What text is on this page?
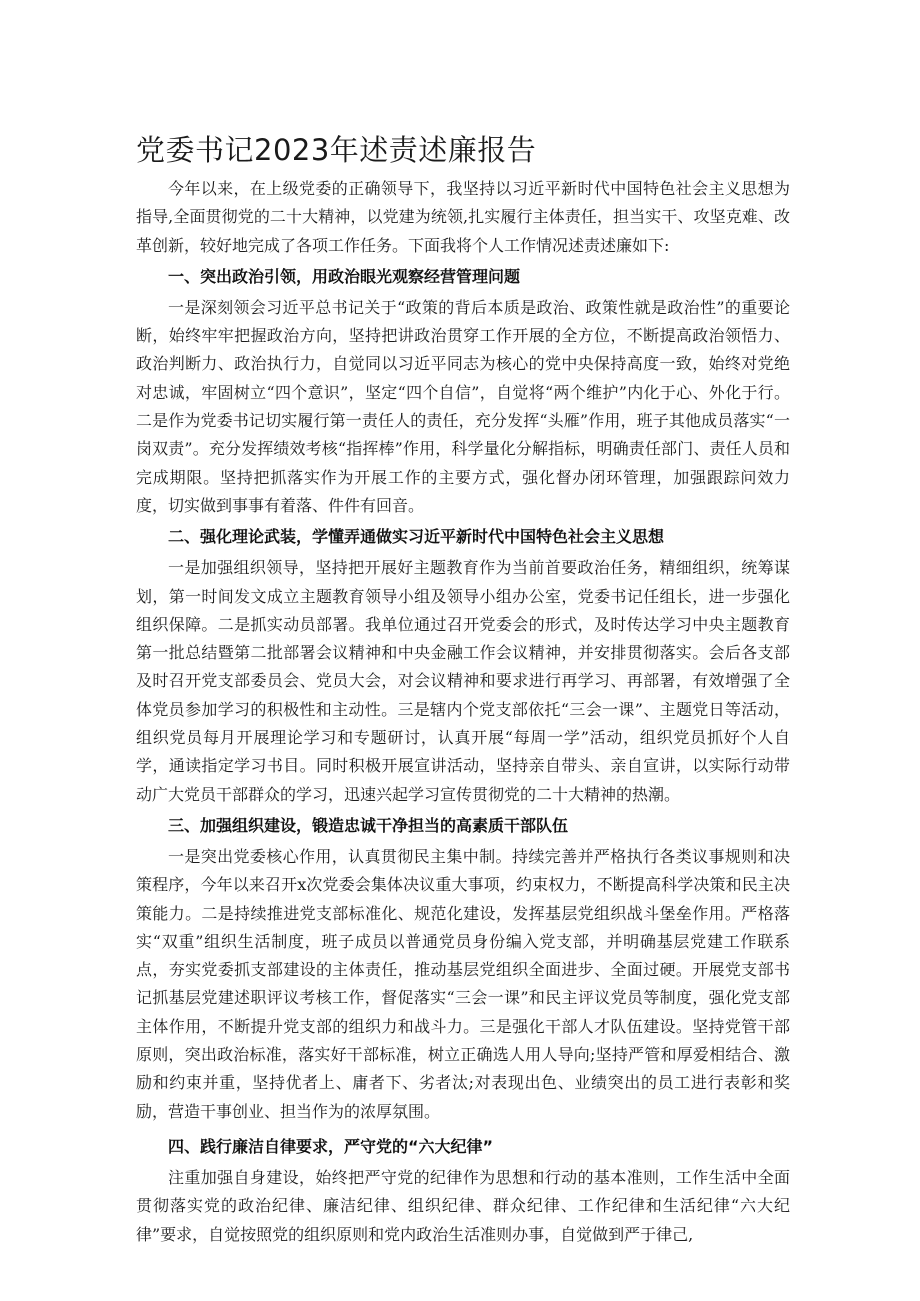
党委书记2023年述责述廉报告

今年以来，在上级党委的正确领导下，我坚持以习近平新时代中国特色社会主义思想为指导,全面贯彻党的二十大精神，以党建为统领,扎实履行主体责任，担当实干、攻坚克难、改革创新，较好地完成了各项工作任务。下面我将个人工作情况述责述廉如下:

一、突出政治引领，用政治眼光观察经营管理问题

一是深刻领会习近平总书记关于“政策的背后本质是政治、政策性就是政治性”的重要论断，始终牢牢把握政治方向，坚持把讲政治贯穿工作开展的全方位，不断提高政治领悟力、政治判断力、政治执行力，自觉同以习近平同志为核心的党中央保持高度一致，始终对党绝对忠诚，牢固树立“四个意识”，坚定“四个自信”，自觉将“两个维护”内化于心、外化于行。二是作为党委书记切实履行第一责任人的责任，充分发挥“头雁”作用，班子其他成员落实“一岗双责”。充分发挥绩效考核“指挥棒”作用，科学量化分解指标，明确责任部门、责任人员和完成期限。坚持把抓落实作为开展工作的主要方式，强化督办闭环管理，加强跟踪问效力度，切实做到事事有着落、件件有回音。

二、强化理论武装，学懂弄通做实习近平新时代中国特色社会主义思想

一是加强组织领导，坚持把开展好主题教育作为当前首要政治任务，精细组织，统筹谋划，第一时间发文成立主题教育领导小组及领导小组办公室，党委书记任组长，进一步强化组织保障。二是抓实动员部署。我单位通过召开党委会的形式，及时传达学习中央主题教育第一批总结暨第二批部署会议精神和中央金融工作会议精神，并安排贯彻落实。会后各支部及时召开党支部委员会、党员大会，对会议精神和要求进行再学习、再部署，有效增强了全体党员参加学习的积极性和主动性。三是辖内个党支部依托“三会一课”、主题党日等活动，组织党员每月开展理论学习和专题研讨，认真开展“每周一学”活动，组织党员抓好个人自学，通读指定学习书目。同时积极开展宣讲活动，坚持亲自带头、亲自宣讲，以实际行动带动广大党员干部群众的学习，迅速兴起学习宣传贯彻党的二十大精神的热潮。

三、加强组织建设，锻造忠诚干净担当的高素质干部队伍

一是突出党委核心作用，认真贯彻民主集中制。持续完善并严格执行各类议事规则和决策程序，今年以来召开x次党委会集体决议重大事项，约束权力，不断提高科学决策和民主决策能力。二是持续推进党支部标准化、规范化建设，发挥基层党组织战斗堡垒作用。严格落实“双重”组织生活制度，班子成员以普通党员身份编入党支部，并明确基层党建工作联系点，夯实党委抓支部建设的主体责任，推动基层党组织全面进步、全面过硬。开展党支部书记抓基层党建述职评议考核工作，督促落实“三会一课”和民主评议党员等制度，强化党支部主体作用，不断提升党支部的组织力和战斗力。三是强化干部人才队伍建设。坚持党管干部原则，突出政治标准，落实好干部标准，树立正确选人用人导向;坚持严管和厚爱相结合、激励和约束并重，坚持优者上、庸者下、劣者汰;对表现出色、业绩突出的员工进行表彰和奖励，营造干事创业、担当作为的浓厚氛围。

四、践行廉洁自律要求，严守党的“六大纪律”

注重加强自身建设，始终把严守党的纪律作为思想和行动的基本准则，工作生活中全面贯彻落实党的政治纪律、廉洁纪律、组织纪律、群众纪律、工作纪律和生活纪律“六大纪律”要求，自觉按照党的组织原则和党内政治生活准则办事，自觉做到严于律己,
